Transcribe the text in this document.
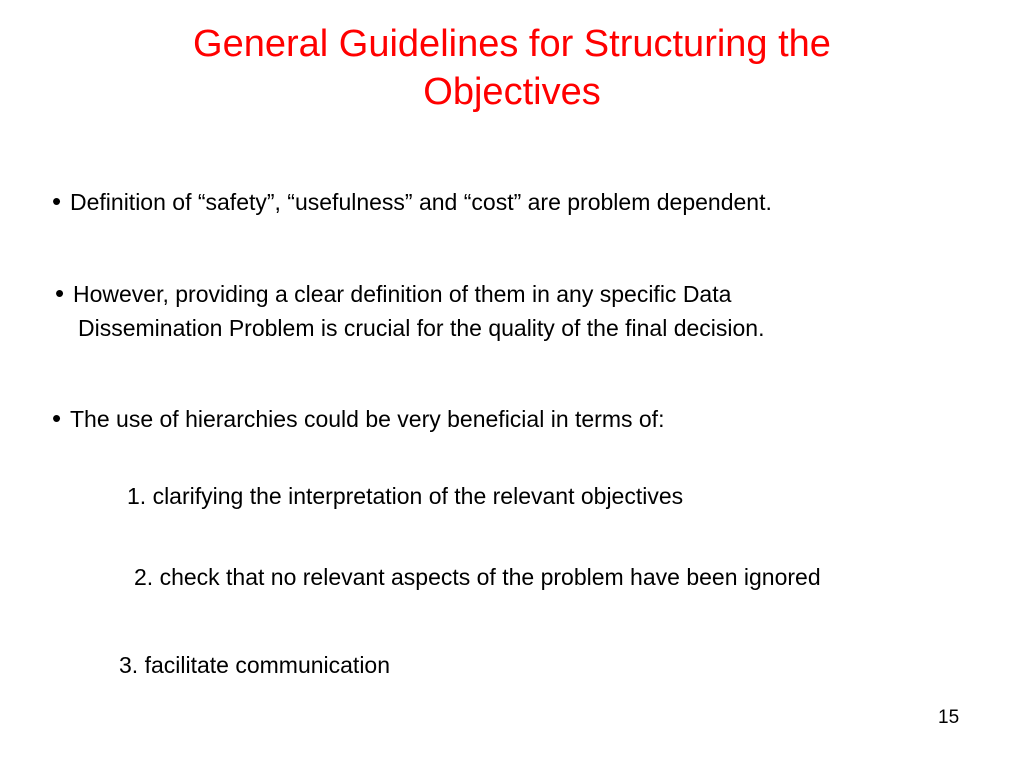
General Guidelines for Structuring the
Objectives
• Definition of “safety”, “usefulness” and “cost” are problem dependent.
• However, providing a clear definition of them in any specific Data
Dissemination Problem is crucial for the quality of the final decision.
• The use of hierarchies could be very beneficial in terms of:
1. clarifying the interpretation of the relevant objectives
2. check that no relevant aspects of the problem have been ignored
3. facilitate communication
15
